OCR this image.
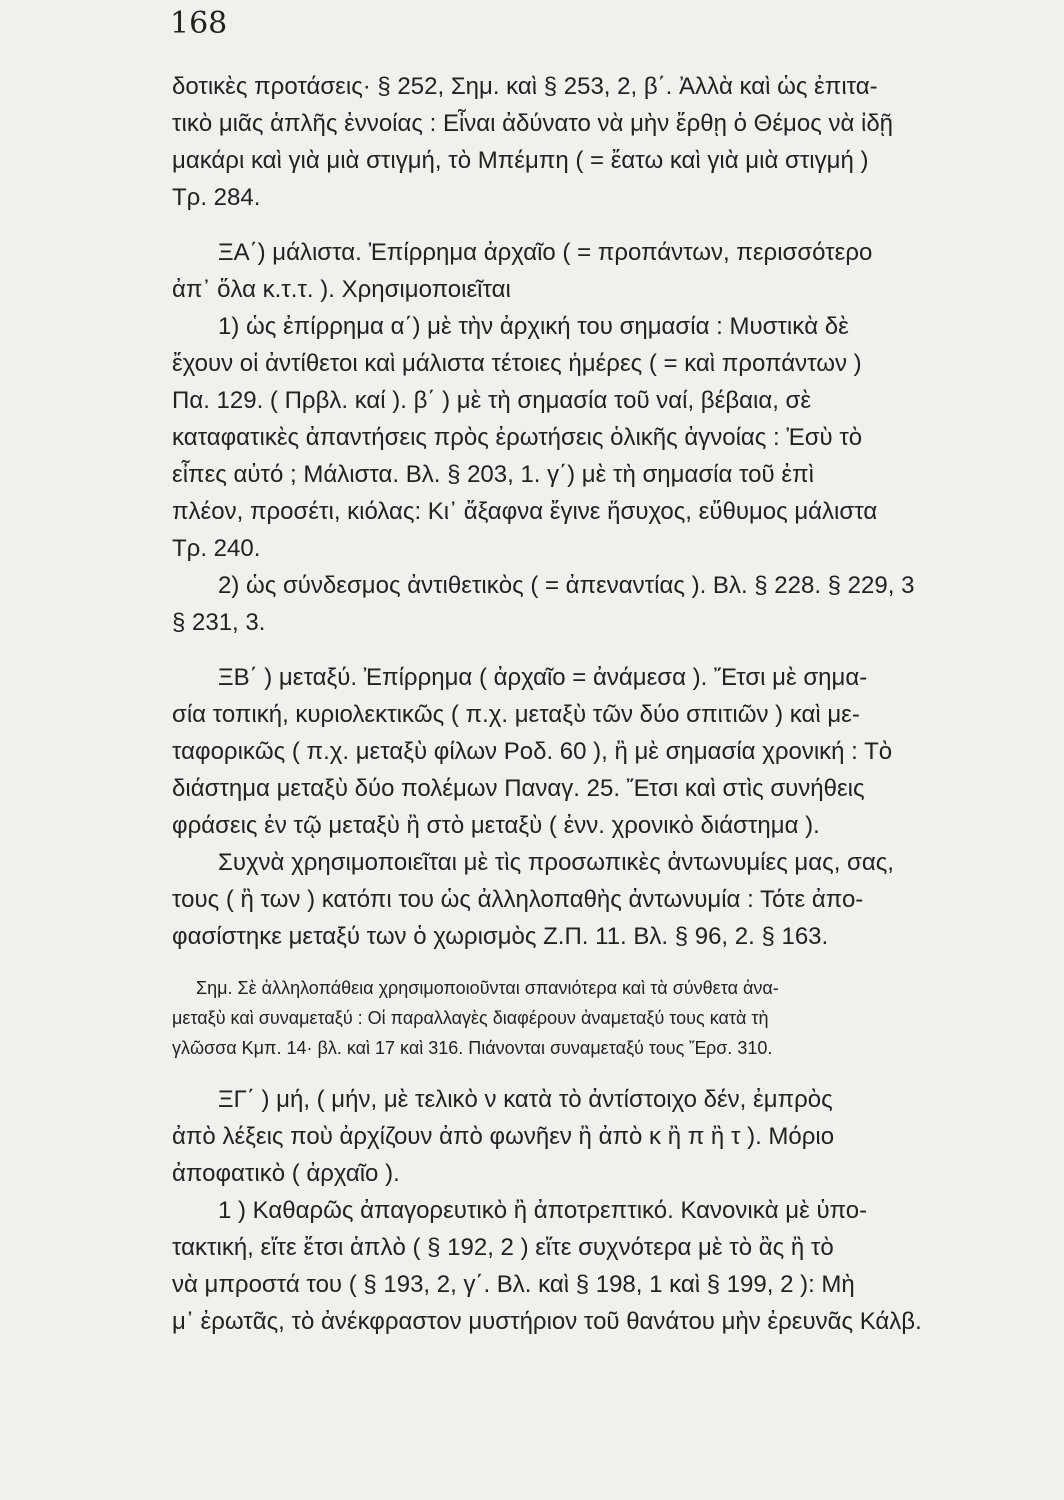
168
δοτικὲς προτάσεις· § 252, Σημ. καὶ § 253, 2, β΄. Ἀλλὰ καὶ ὡς ἐπιτα-
τικὸ μιᾶς ἁπλῆς ἐννοίας : Εἶναι ἀδύνατο νὰ μὴν ἔρθῃ ὁ Θέμος νὰ ἰδῇ
μακάρι καὶ γιὰ μιὰ στιγμή, τὸ Μπέμπη ( = ἔατω καὶ γιὰ μιὰ στιγμή )
Τρ. 284.
ΞΑ΄) μάλιστα. Ἐπίρρημα ἀρχαῖο ( = προπάντων, περισσότερο
ἀπ᾽ ὅλα κ.τ.τ. ). Χρησιμοποιεῖται
1) ὡς ἐπίρρημα α΄) μὲ τὴν ἀρχική του σημασία : Μυστικὰ δὲ
ἔχουν οἱ ἀντίθετοι καὶ μάλιστα τέτοιες ἡμέρες ( = καὶ προπάντων )
Πα. 129. ( Πρβλ. καί ). β΄ ) μὲ τὴ σημασία τοῦ ναί, βέβαια, σὲ
καταφατικὲς ἀπαντήσεις πρὸς ἐρωτήσεις ὁλικῆς ἀγνοίας : Ἐσὺ τὸ
εἶπες αὐτό ; Μάλιστα. Βλ. § 203, 1. γ΄) μὲ τὴ σημασία τοῦ ἐπὶ
πλέον, προσέτι, κιόλας: Κι᾽ ἄξαφνα ἔγινε ἥσυχος, εὔθυμος μάλιστα
Τρ. 240.
2) ὡς σύνδεσμος ἀντιθετικὸς ( = ἀπεναντίας ). Βλ. § 228. § 229, 3
§ 231, 3.
ΞΒ΄ ) μεταξύ. Ἐπίρρημα ( ἀρχαῖο = ἀνάμεσα ). Ἔτσι μὲ σημα-
σία τοπική, κυριολεκτικῶς ( π.χ. μεταξὺ τῶν δύο σπιτιῶν ) καὶ με-
ταφορικῶς ( π.χ. μεταξὺ φίλων Ροδ. 60 ), ἢ μὲ σημασία χρονική : Τὸ
διάστημα μεταξὺ δύο πολέμων Παναγ. 25. Ἔτσι καὶ στὶς συνήθεις
φράσεις ἐν τῷ μεταξὺ ἢ στὸ μεταξὺ ( ἐνν. χρονικὸ διάστημα ).
Συχνὰ χρησιμοποιεῖται μὲ τὶς προσωπικὲς ἀντωνυμίες μας, σας,
τους ( ἢ των ) κατόπι του ὡς ἀλληλοπαθὴς ἀντωνυμία : Τότε ἀπο-
φασίστηκε μεταξύ των ὁ χωρισμὸς Ζ.Π. 11. Βλ. § 96, 2. § 163.
Σημ. Σὲ ἀλληλοπάθεια χρησιμοποιοῦνται σπανιότερα καὶ τὰ σύνθετα ἀνα-
μεταξὺ καὶ συναμεταξύ : Οἱ παραλλαγὲς διαφέρουν ἀναμεταξύ τους κατὰ τὴ
γλῶσσα Κμπ. 14· βλ. καὶ 17 καὶ 316. Πιάνονται συναμεταξύ τους Ἔρσ. 310.
ΞΓ΄ ) μή, ( μήν, μὲ τελικὸ ν κατὰ τὸ ἀντίστοιχο δέν, ἐμπρὸς
ἀπὸ λέξεις ποὺ ἀρχίζουν ἀπὸ φωνῆεν ἢ ἀπὸ κ ἢ π ἢ τ ). Μόριο
ἀποφατικὸ ( ἀρχαῖο ).
1 ) Καθαρῶς ἀπαγορευτικὸ ἢ ἀποτρεπτικό. Κανονικὰ μὲ ὑπο-
τακτική, εἴτε ἔτσι ἁπλὸ ( § 192, 2 ) εἴτε συχνότερα μὲ τὸ ἂς ἢ τὸ
νὰ μπροστά του ( § 193, 2, γ΄. Βλ. καὶ § 198, 1 καὶ § 199, 2 ): Μὴ
μ᾽ ἐρωτᾶς, τὸ ἀνέκφραστον μυστήριον τοῦ θανάτου μὴν ἐρευνᾶς Κάλβ.
